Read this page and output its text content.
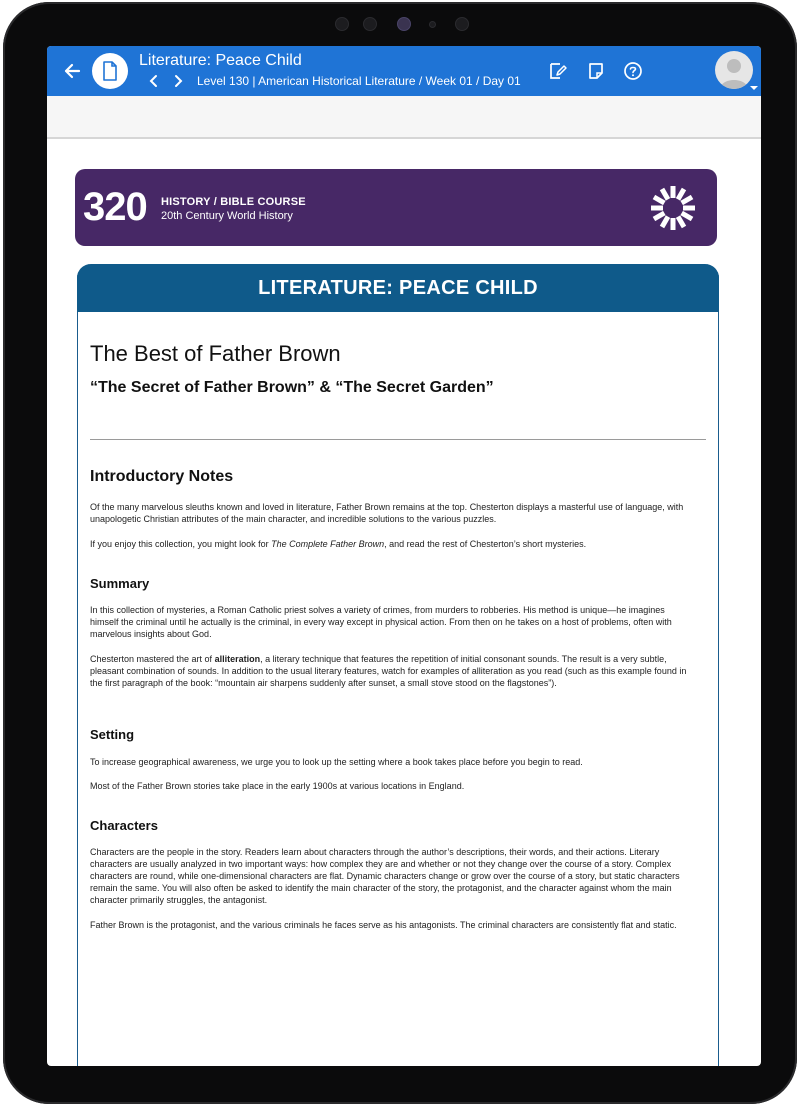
Literature: Peace Child
Level 130 | American Historical Literature / Week 01 / Day 01
320 HISTORY / BIBLE COURSE
20th Century World History
LITERATURE: PEACE CHILD
The Best of Father Brown
“The Secret of Father Brown” & “The Secret Garden”
Introductory Notes
Of the many marvelous sleuths known and loved in literature, Father Brown remains at the top. Chesterton displays a masterful use of language, with unapologetic Christian attributes of the main character, and incredible solutions to the various puzzles.
If you enjoy this collection, you might look for The Complete Father Brown, and read the rest of Chesterton’s short mysteries.
Summary
In this collection of mysteries, a Roman Catholic priest solves a variety of crimes, from murders to robberies. His method is unique—he imagines himself the criminal until he actually is the criminal, in every way except in physical action. From then on he takes on a host of problems, often with marvelous insights about God.
Chesterton mastered the art of alliteration, a literary technique that features the repetition of initial consonant sounds. The result is a very subtle, pleasant combination of sounds. In addition to the usual literary features, watch for examples of alliteration as you read (such as this example found in the first paragraph of the book: “mountain air sharpens suddenly after sunset, a small stove stood on the flagstones”).
Setting
To increase geographical awareness, we urge you to look up the setting where a book takes place before you begin to read.
Most of the Father Brown stories take place in the early 1900s at various locations in England.
Characters
Characters are the people in the story. Readers learn about characters through the author’s descriptions, their words, and their actions. Literary characters are usually analyzed in two important ways: how complex they are and whether or not they change over the course of a story. Complex characters are round, while one-dimensional characters are flat. Dynamic characters change or grow over the course of a story, but static characters remain the same. You will also often be asked to identify the main character of the story, the protagonist, and the character against whom the main character primarily struggles, the antagonist.
Father Brown is the protagonist, and the various criminals he faces serve as his antagonists. The criminal characters are consistently flat and static.
